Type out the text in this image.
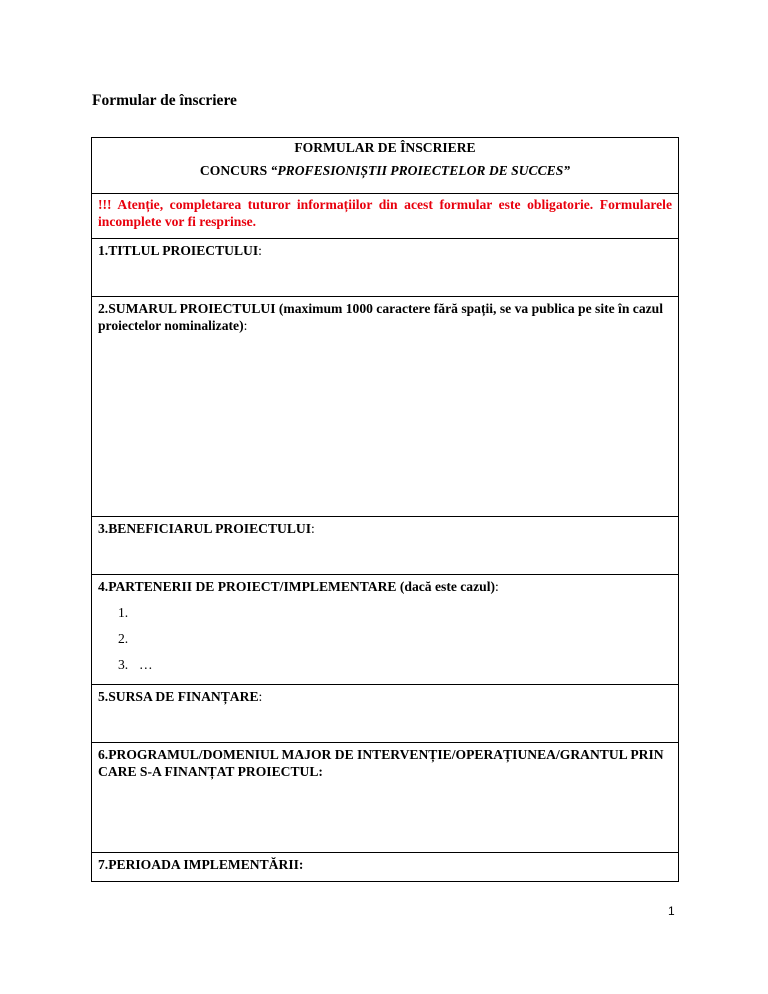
Formular de înscriere
FORMULAR DE ÎNSCRIERE
CONCURS “PROFESIONIȘTII PROIECTELOR DE SUCCES”

!!! Atenție, completarea tuturor informațiilor din acest formular este obligatorie. Formularele incomplete vor fi resprinse.
1.TITLUL PROIECTULUI:
2.SUMARUL PROIECTULUI (maximum 1000 caractere fără spații, se va publica pe site în cazul proiectelor nominalizate):
3.BENEFICIARUL PROIECTULUI:
4.PARTENERII DE PROIECT/IMPLEMENTARE (dacă este cazul):
1.
2.
3. …

5.SURSA DE FINANȚARE:
6.PROGRAMUL/DOMENIUL MAJOR DE INTERVENȚIE/OPERAȚIUNEA/GRANTUL PRIN CARE S-A FINANȚAT PROIECTUL:
7.PERIOADA IMPLEMENTĂRII:
1
